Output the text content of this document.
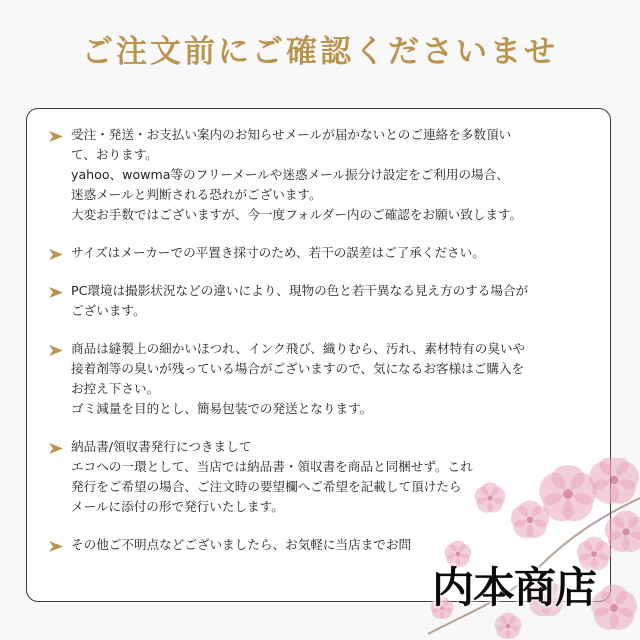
ご注文前にご確認くださいませ
受注・発送・お支払い案内のお知らせメールが届かないとのご連絡を多数頂い
て、おります。
yahoo、wowma等のフリーメールや迷惑メール振分け設定をご利用の場合、
迷惑メールと判断される恐れがございます。
大変お手数ではございますが、今一度フォルダー内のご確認をお願い致します。
サイズはメーカーでの平置き採寸のため、若干の誤差はご了承ください。
PC環境は撮影状況などの違いにより、現物の色と若干異なる見え方のする場合が
ございます。
商品は縫製上の細かいほつれ、インク飛び、織りむら、汚れ、素材特有の臭いや
接着剤等の臭いが残っている場合がございますので、気になるお客様はご購入を
お控え下さい。
ゴミ減量を目的とし、簡易包装での発送となります。
納品書/領収書発行につきまして
エコへの一環として、当店では納品書・領収書を商品と同梱せず。これ
発行をご希望の場合、ご注文時の要望欄へご希望を記載して頂けたら
メールに添付の形で発行いたします。
その他ご不明点などございましたら、お気軽に当店までお問
内本商店
